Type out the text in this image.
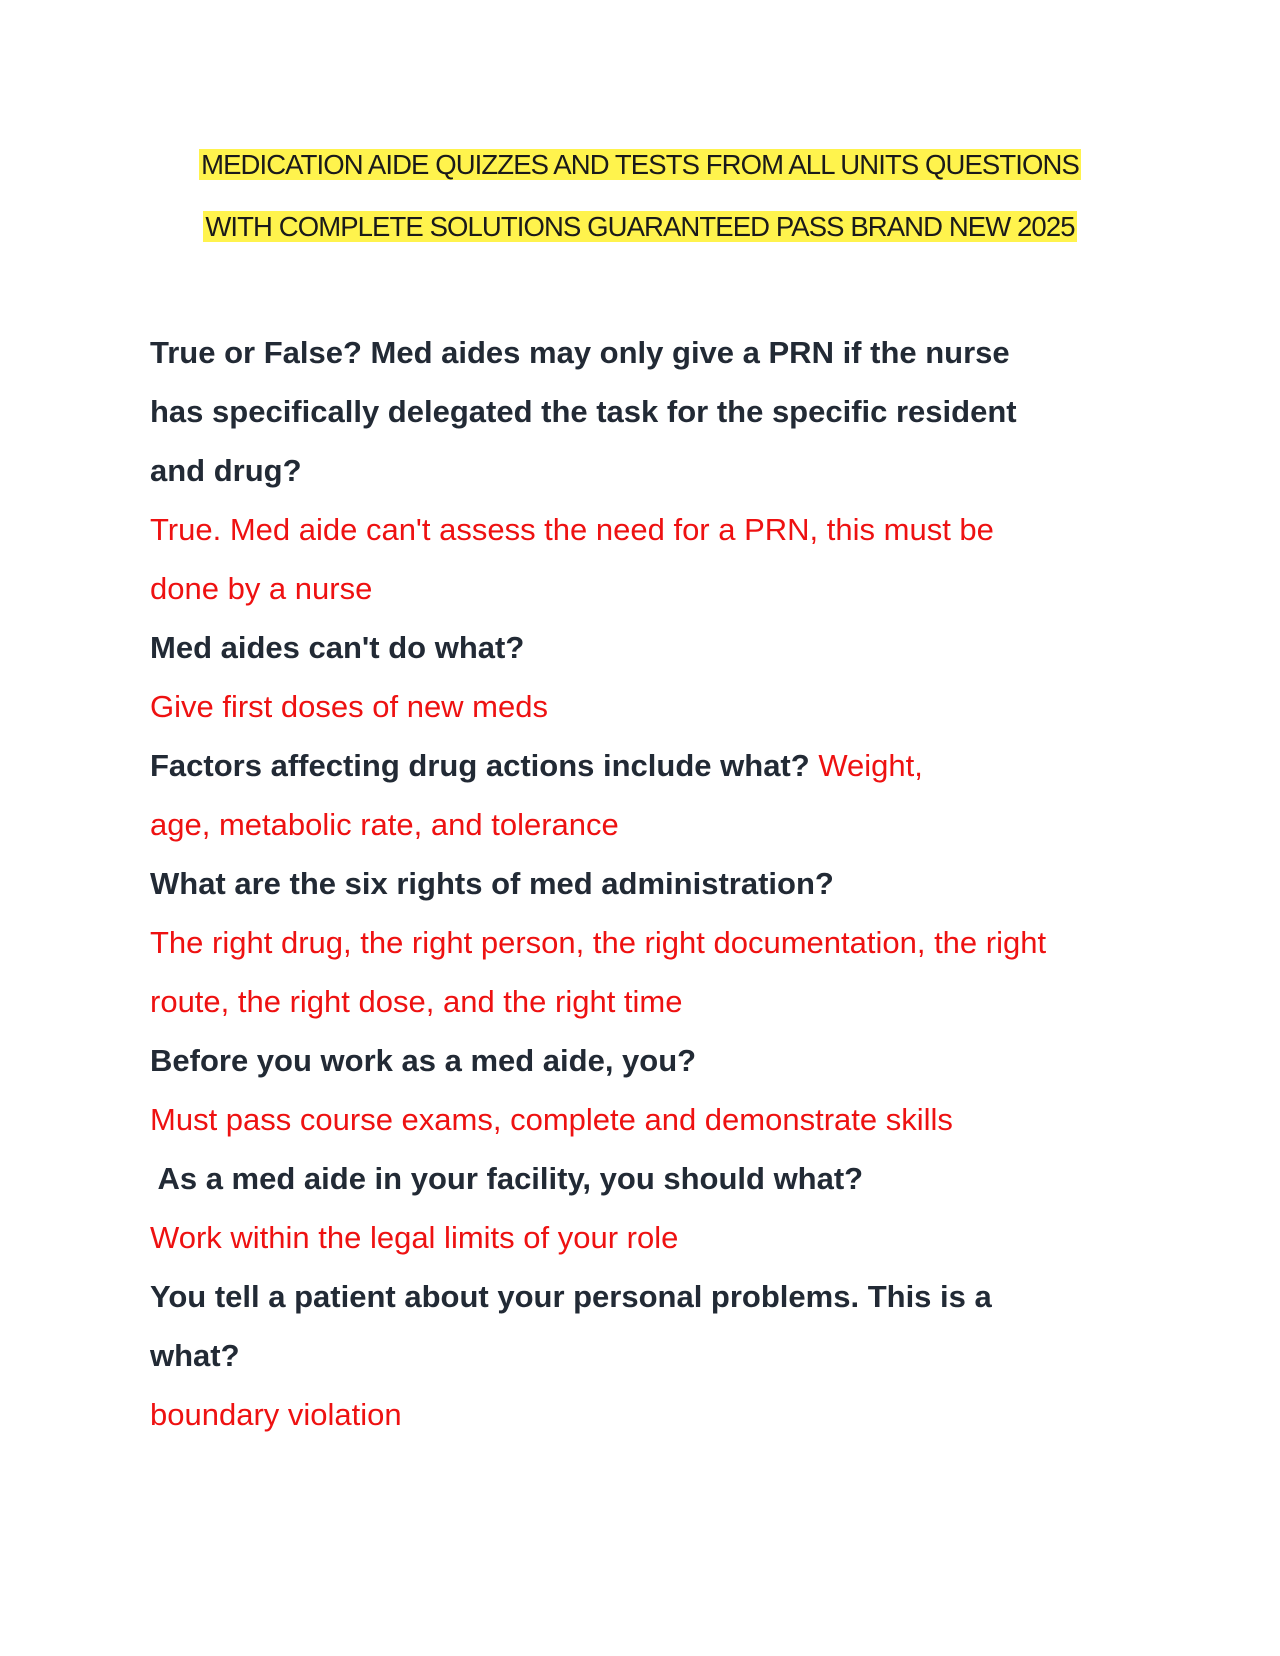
MEDICATION AIDE QUIZZES AND TESTS FROM ALL UNITS QUESTIONS
WITH COMPLETE SOLUTIONS GUARANTEED PASS BRAND NEW 2025
True or False? Med aides may only give a PRN if the nurse
has specifically delegated the task for the specific resident
and drug?
True. Med aide can't assess the need for a PRN, this must be
done by a nurse
Med aides can't do what?
Give first doses of new meds
Factors affecting drug actions include what? Weight,
age, metabolic rate, and tolerance
What are the six rights of med administration?
The right drug, the right person, the right documentation, the right
route, the right dose, and the right time
Before you work as a med aide, you?
Must pass course exams, complete and demonstrate skills
As a med aide in your facility, you should what?
Work within the legal limits of your role
You tell a patient about your personal problems. This is a
what?
boundary violation
